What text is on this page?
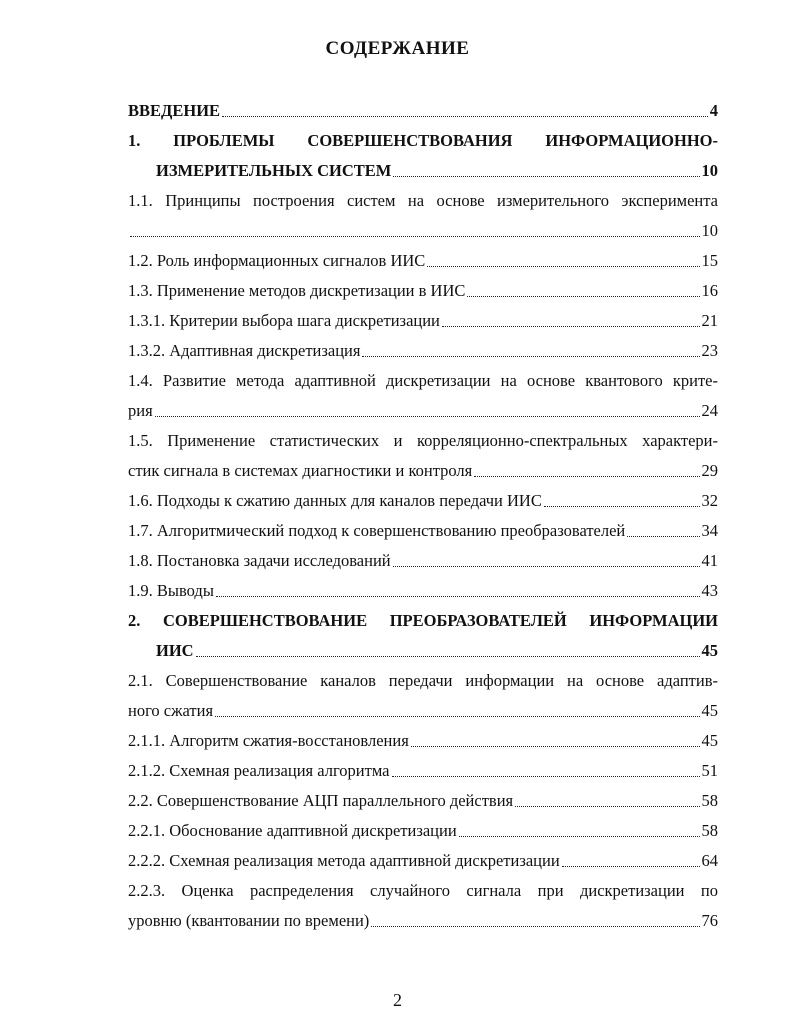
СОДЕРЖАНИЕ
ВВЕДЕНИЕ	4
1. ПРОБЛЕМЫ СОВЕРШЕНСТВОВАНИЯ ИНФОРМАЦИОННО-
ИЗМЕРИТЕЛЬНЫХ СИСТЕМ	10
1.1. Принципы построения систем на основе измерительного эксперимента
10
1.2. Роль информационных сигналов ИИС	15
1.3. Применение методов дискретизации в ИИС	16
1.3.1. Критерии выбора шага дискретизации	21
1.3.2. Адаптивная дискретизация	23
1.4. Развитие метода адаптивной дискретизации на основе квантового крите-
рия	24
1.5. Применение статистических и корреляционно-спектральных характери-
стик сигнала в системах диагностики и контроля	29
1.6. Подходы к сжатию данных для каналов передачи ИИС	32
1.7. Алгоритмический подход к совершенствованию преобразователей	34
1.8. Постановка задачи исследований	41
1.9. Выводы	43
2. СОВЕРШЕНСТВОВАНИЕ ПРЕОБРАЗОВАТЕЛЕЙ ИНФОРМАЦИИ
ИИС	45
2.1. Совершенствование каналов передачи информации на основе адаптив-
ного сжатия	45
2.1.1. Алгоритм сжатия-восстановления	45
2.1.2. Схемная реализация алгоритма	51
2.2. Совершенствование АЦП параллельного действия	58
2.2.1. Обоснование адаптивной дискретизации	58
2.2.2. Схемная реализация метода адаптивной дискретизации	64
2.2.3. Оценка распределения случайного сигнала при дискретизации по
уровню (квантовании по времени)	76
2
